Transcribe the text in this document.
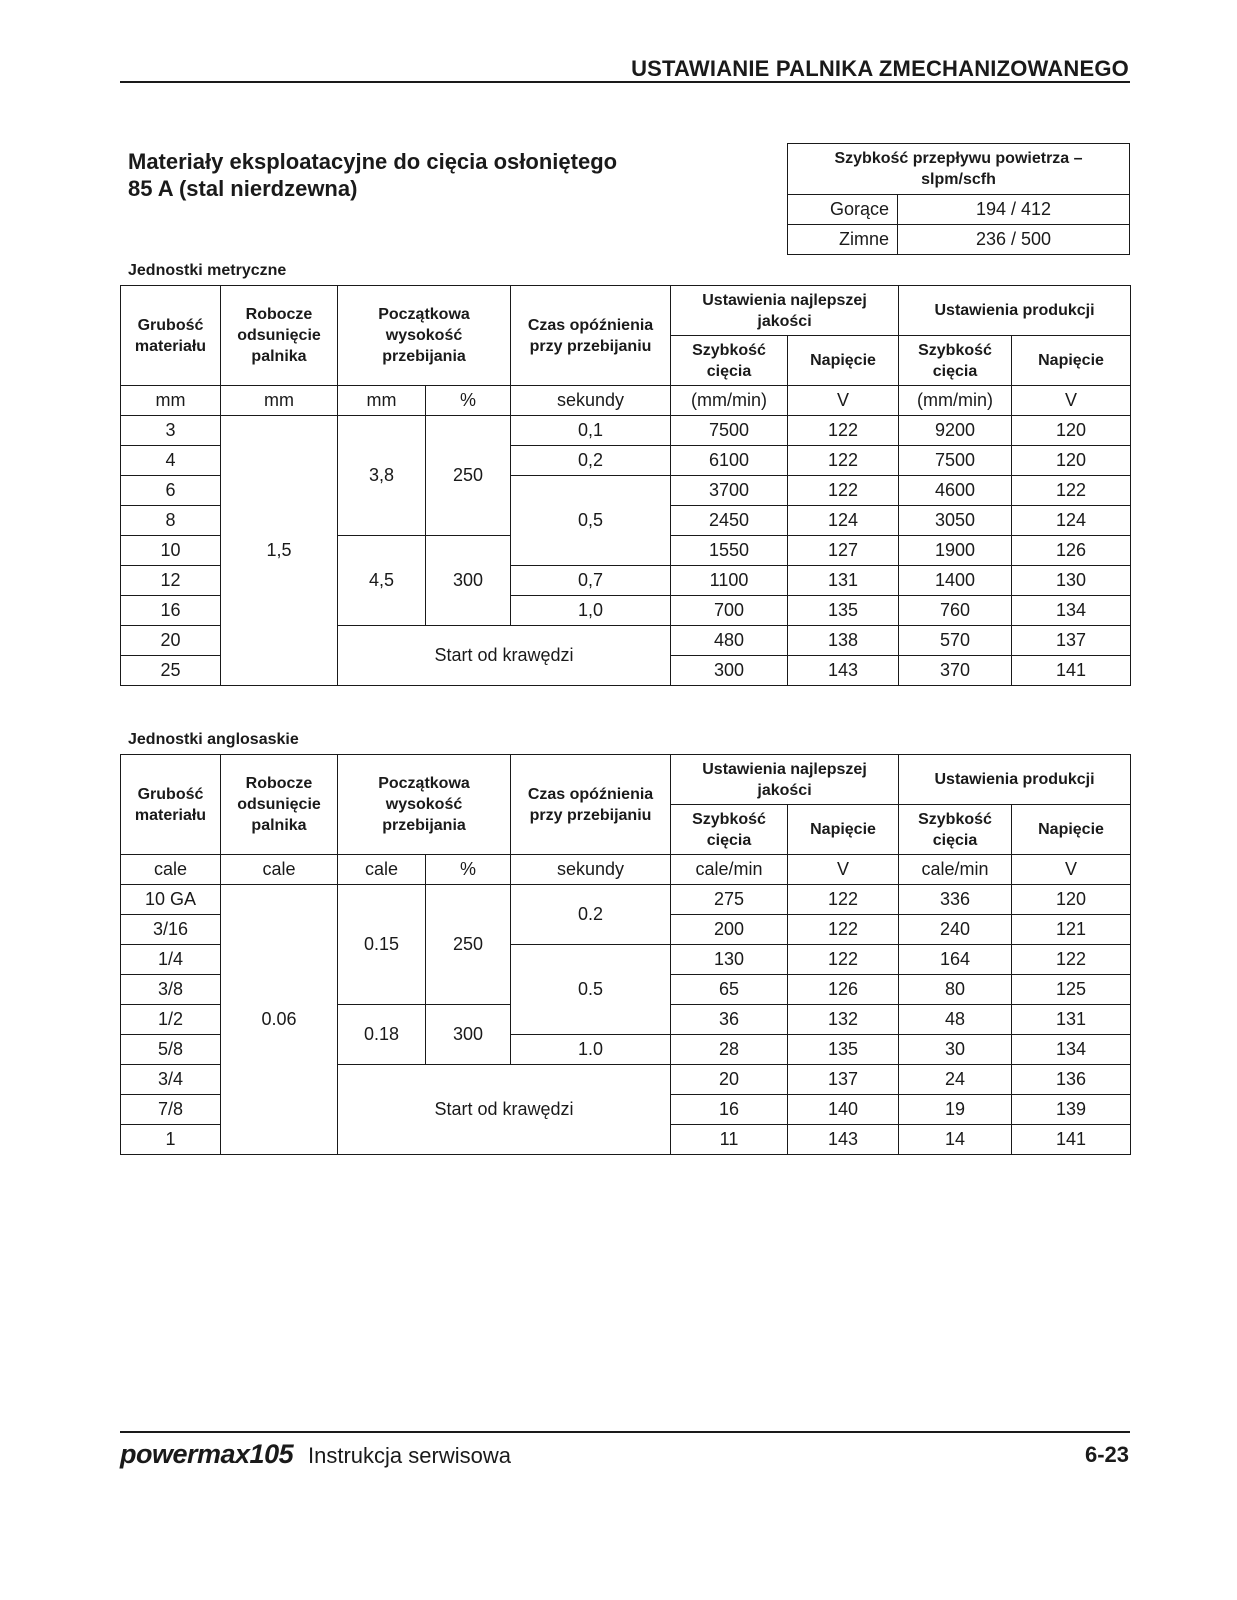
USTAWIANIE PALNIKA ZMECHANIZOWANEGO
Materiały eksploatacyjne do cięcia osłoniętego
85 A (stal nierdzewna)
Szybkość przepływu powietrza – slpm/scfh	
Gorące	194 / 412
Zimne	236 / 500
Jednostki metryczne
Grubość materiału	Robocze odsunięcie palnika	Początkowa wysokość przebijania		Czas opóźnienia przy przebijaniu	Ustawienia najlepszej jakości		Ustawienia produkcji	
					Szybkość cięcia	Napięcie	Szybkość cięcia	Napięcie
mm	mm	mm	%	sekundy	(mm/min)	V	(mm/min)	V
3	1,5	3,8	250	0,1	7500	122	9200	120
4				0,2	6100	122	7500	120
6				0,5	3700	122	4600	122
8					2450	124	3050	124
10		4,5	300		1550	127	1900	126
12				0,7	1100	131	1400	130
16				1,0	700	135	760	134
20		Start od krawędzi			480	138	570	137
25					300	143	370	141
Jednostki anglosaskie
Grubość materiału	Robocze odsunięcie palnika	Początkowa wysokość przebijania		Czas opóźnienia przy przebijaniu	Ustawienia najlepszej jakości		Ustawienia produkcji	
					Szybkość cięcia	Napięcie	Szybkość cięcia	Napięcie
cale	cale	cale	%	sekundy	cale/min	V	cale/min	V
10 GA	0.06	0.15	250	0.2	275	122	336	120
3/16					200	122	240	121
1/4				0.5	130	122	164	122
3/8					65	126	80	125
1/2		0.18	300		36	132	48	131
5/8				1.0	28	135	30	134
3/4		Start od krawędzi			20	137	24	136
7/8					16	140	19	139
1					11	143	14	141
powermax105 Instrukcja serwisowa	6-23
